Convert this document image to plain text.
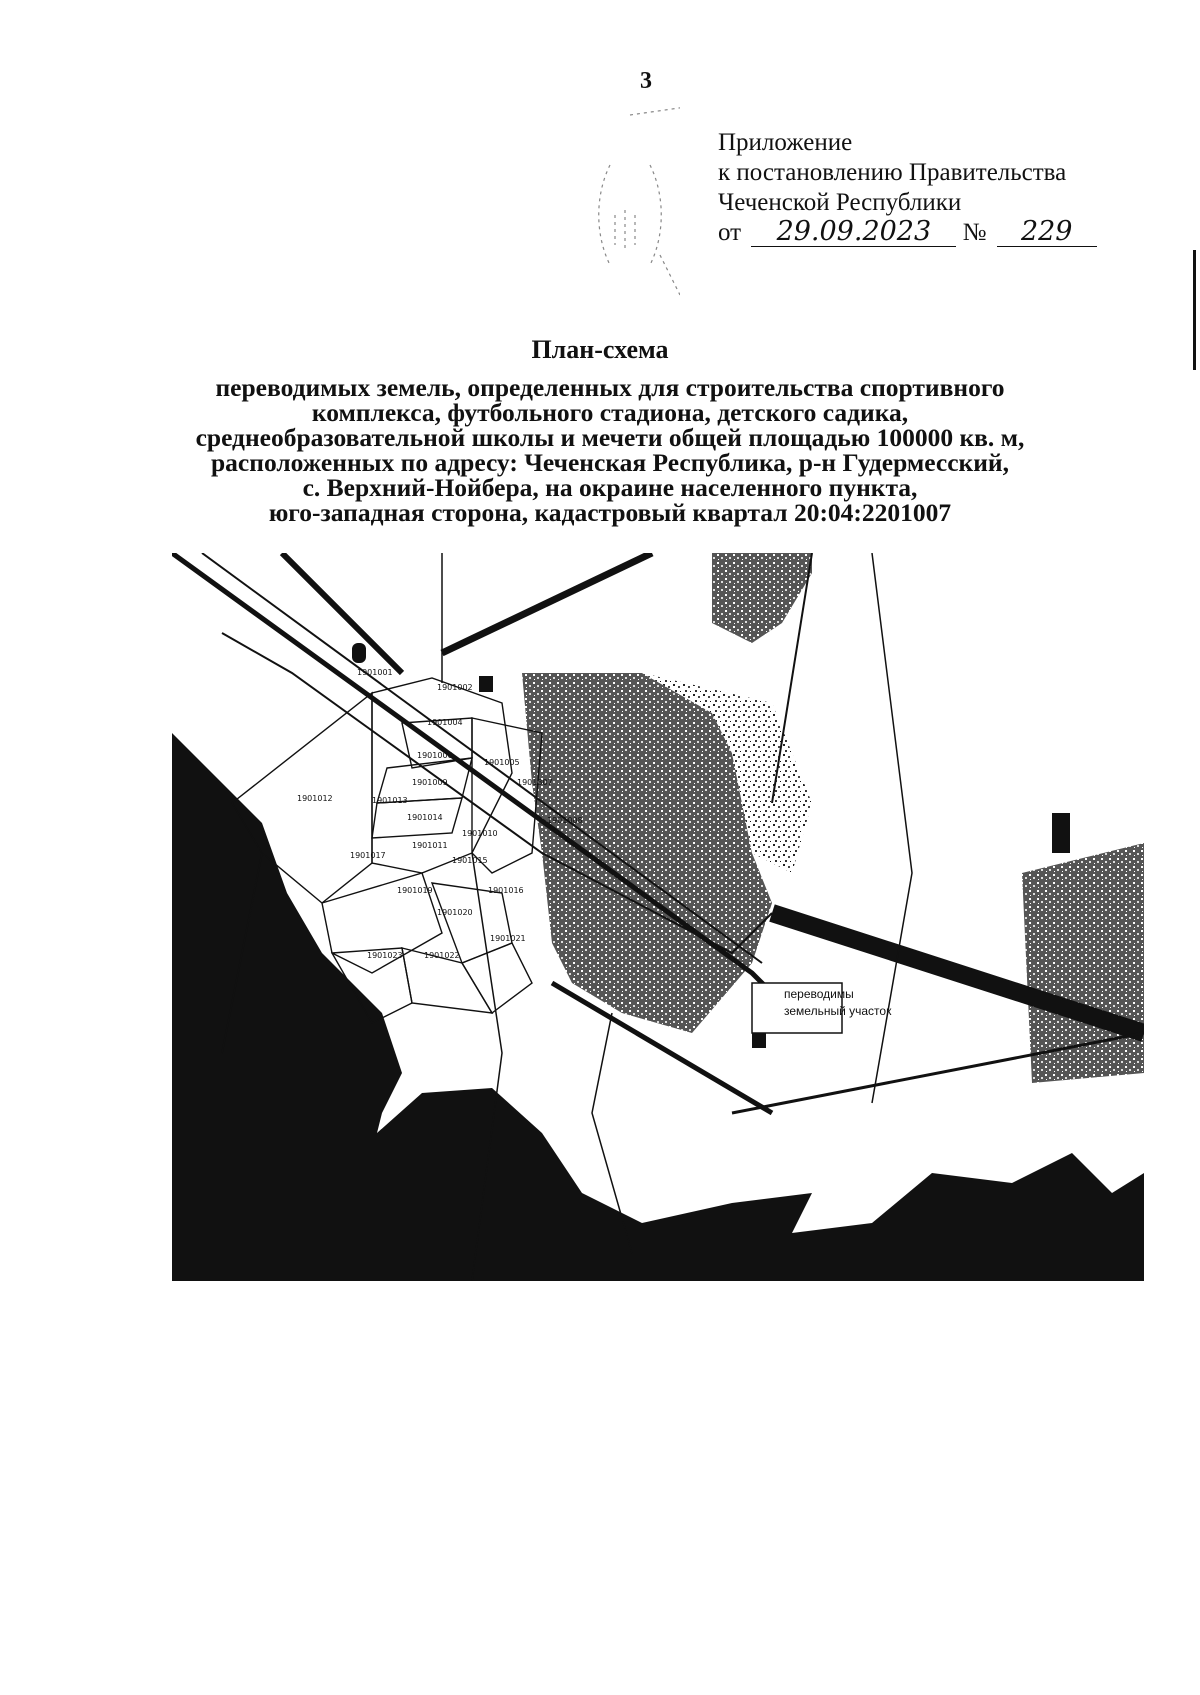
3
Приложение
к постановлению Правительства
Чеченской Республики
от 29.09.2023 № 229
План-схема
переводимых земель, определенных для строительства спортивного
комплекса, футбольного стадиона, детского садика,
среднеобразовательной школы и мечети общей площадью 100000 кв. м,
расположенных по адресу: Чеченская Республика, р-н Гудермесский,
с. Верхний-Нойбера, на окраине населенного пункта,
юго-западная сторона, кадастровый квартал 20:04:2201007
1901001
1901002
1901004
1901006
1901005
1901009
1901012	1901013
1901014
1901010
1901008
1901017
1901011
1901015
1901016
1901019
1901020
1901021
1901023	1901022
1901307
переводимы
земельный участок
